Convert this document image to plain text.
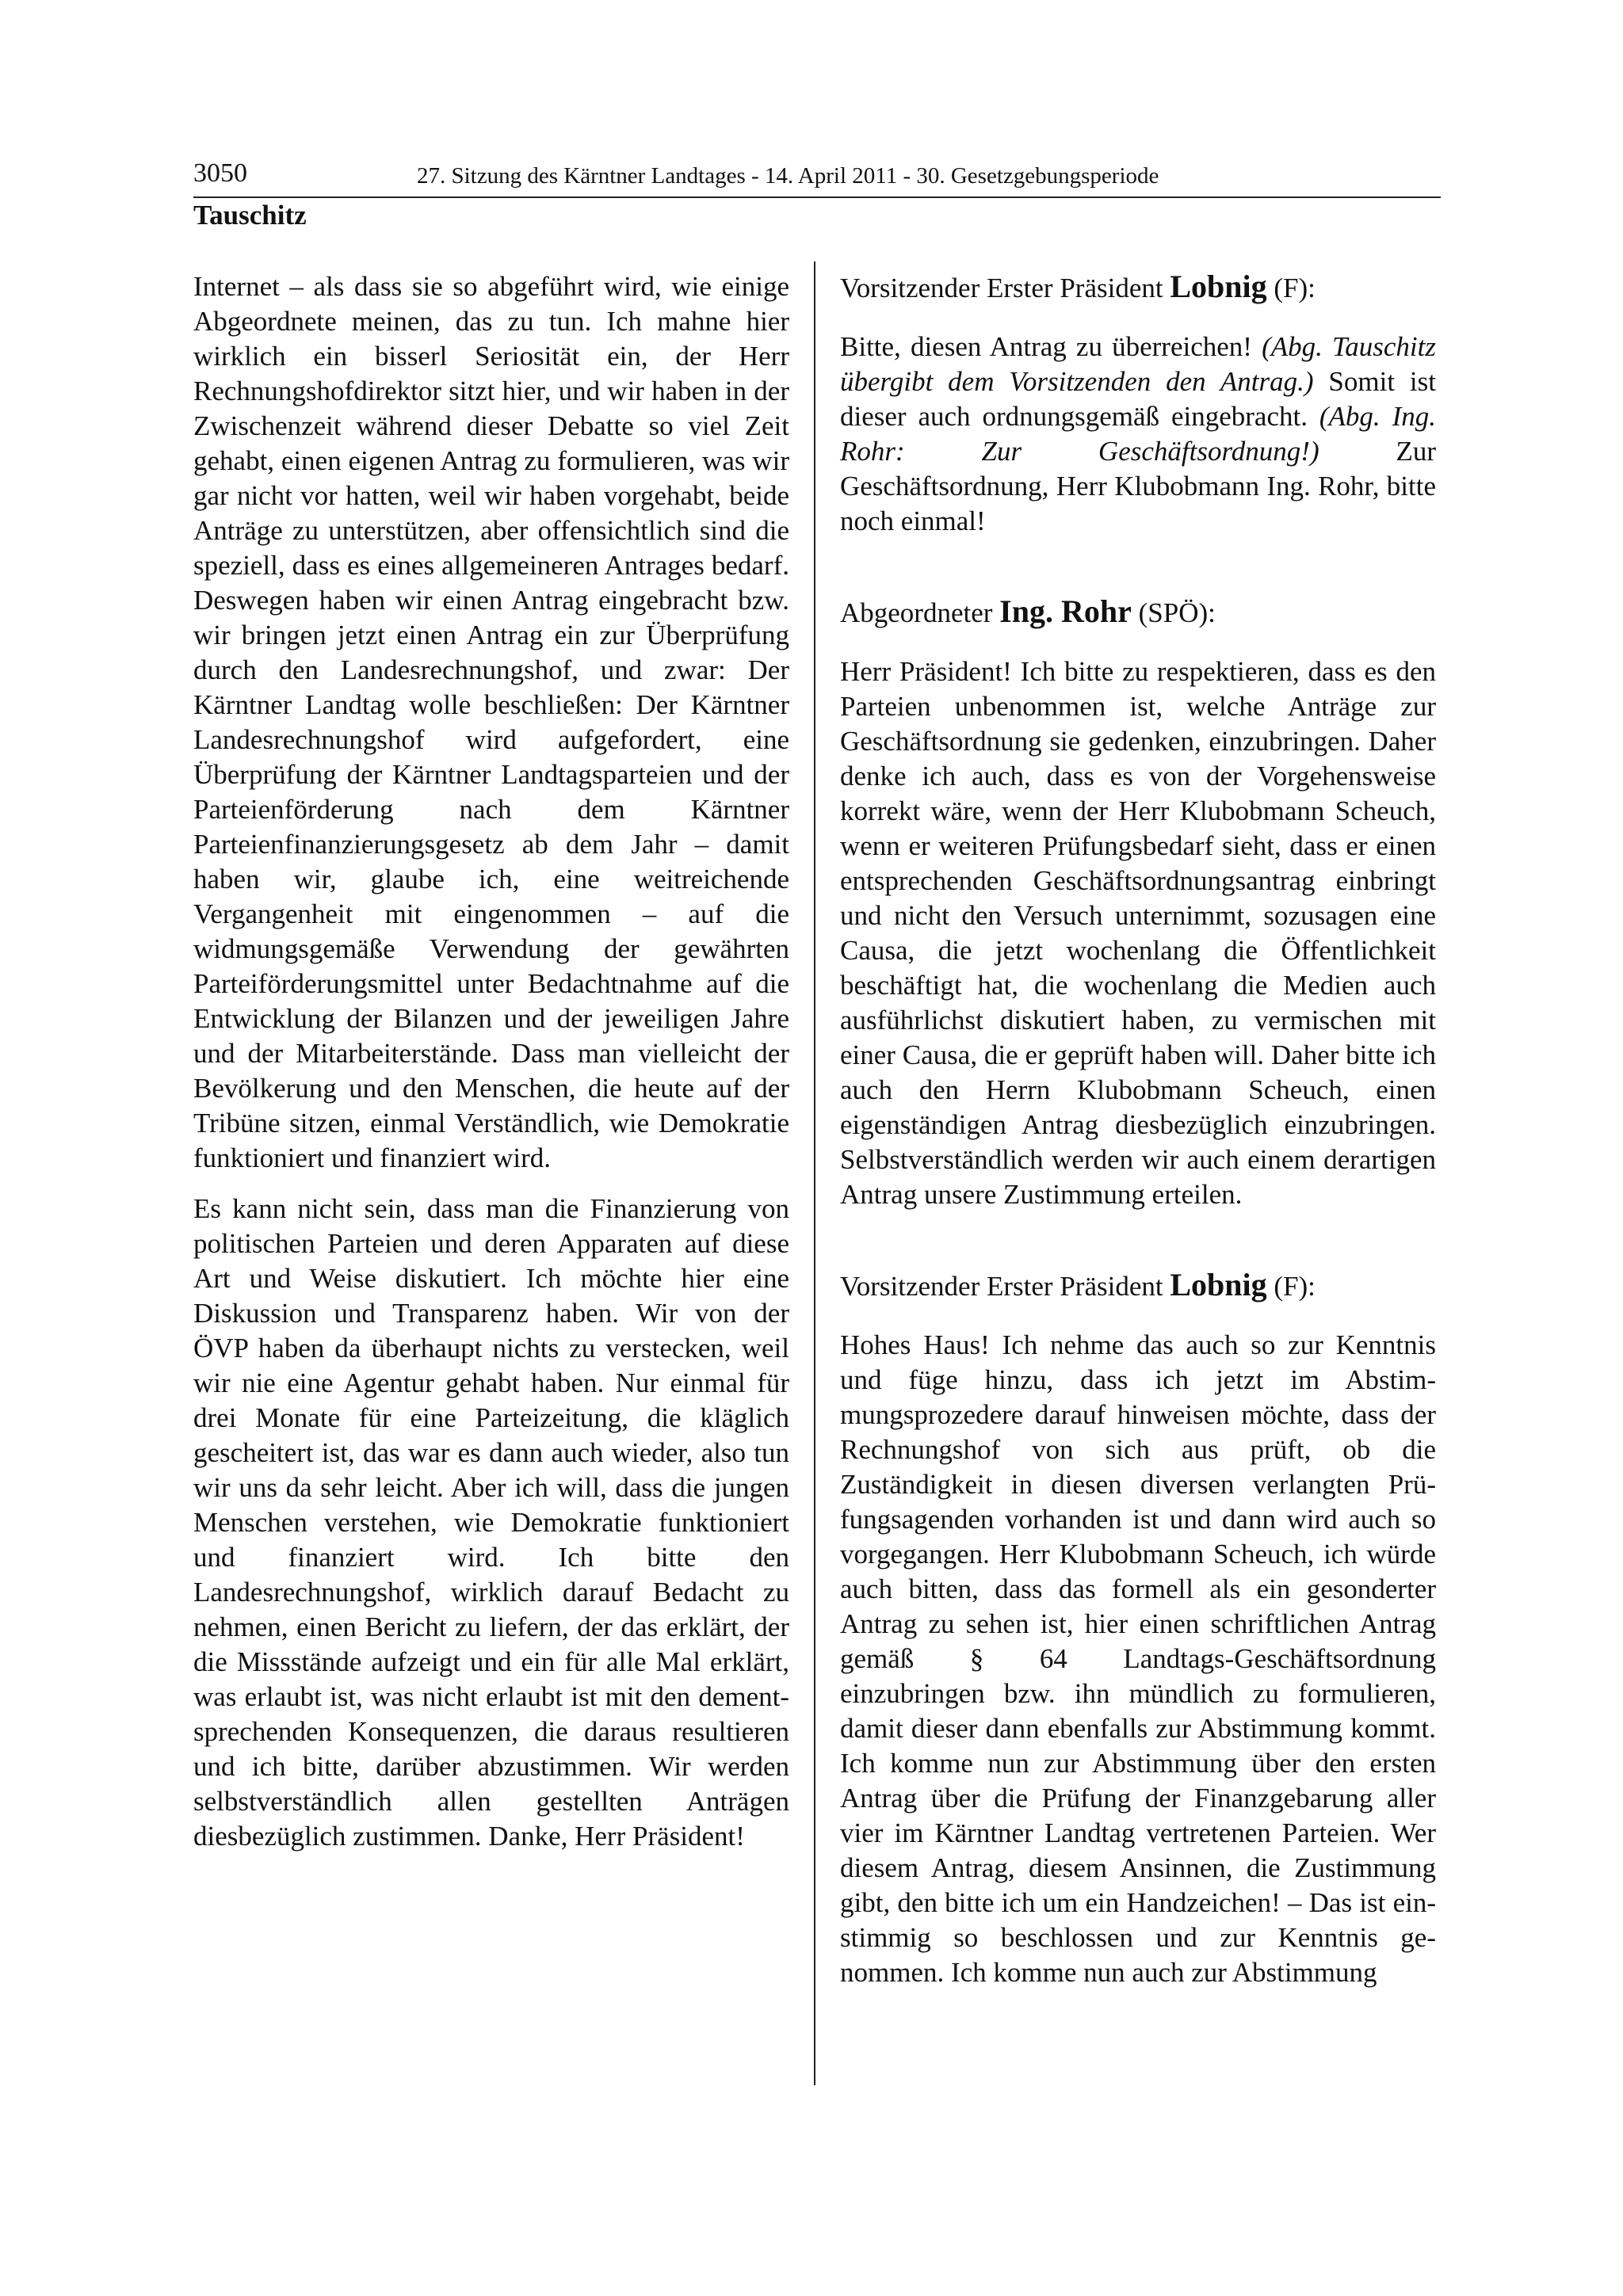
3050	27. Sitzung des Kärntner Landtages - 14. April 2011 - 30. Gesetzgebungsperiode
Tauschitz

Internet – als dass sie so abgeführt wird, wie einige Abgeordnete meinen, das zu tun. Ich mahne hier wirklich ein bisserl Seriosität ein, der Herr Rechnungshofdirektor sitzt hier, und wir haben in der Zwischenzeit während dieser Debatte so viel Zeit gehabt, einen eigenen Antrag zu formulieren, was wir gar nicht vor hatten, weil wir haben vorgehabt, beide Anträge zu unterstützen, aber offensichtlich sind die speziell, dass es eines allgemeineren Antrages bedarf. Deswegen haben wir einen Antrag eingebracht bzw. wir bringen jetzt einen Antrag ein zur Überprüfung durch den Landesrechnungshof, und zwar: Der Kärntner Landtag wolle beschließen: Der Kärntner Landesrechnungshof wird aufgefordert, eine Überprüfung der Kärntner Landtagsparteien und der Parteienförderung nach dem Kärntner Parteienfinanzierungsgesetz ab dem Jahr – damit haben wir, glaube ich, eine weitreichende Vergangenheit mit eingenommen – auf die widmungsgemäße Verwendung der gewährten Parteiförderungsmittel unter Bedachtnahme auf die Entwicklung der Bilanzen und der jeweiligen Jahre und der Mitarbeiterstände. Dass man vielleicht der Bevölkerung und den Menschen, die heute auf der Tribüne sitzen, einmal Verständlich, wie Demokratie funktioniert und finanziert wird.

Es kann nicht sein, dass man die Finanzierung von politischen Parteien und deren Apparaten auf diese Art und Weise diskutiert. Ich möchte hier eine Diskussion und Transparenz haben. Wir von der ÖVP haben da überhaupt nichts zu verstecken, weil wir nie eine Agentur gehabt haben. Nur einmal für drei Monate für eine Parteizeitung, die kläglich gescheitert ist, das war es dann auch wieder, also tun wir uns da sehr leicht. Aber ich will, dass die jungen Menschen verstehen, wie Demokratie funktioniert und finanziert wird. Ich bitte den Landesrechnungshof, wirklich darauf Bedacht zu nehmen, einen Bericht zu liefern, der das erklärt, der die Missstände aufzeigt und ein für alle Mal erklärt, was erlaubt ist, was nicht erlaubt ist mit den dementsprechenden Konsequenzen, die daraus resultieren und ich bitte, darüber abzustimmen. Wir werden selbstverständlich allen gestellten Anträgen diesbezüglich zustimmen. Danke, Herr Präsident!

Vorsitzender Erster Präsident Lobnig (F):

Bitte, diesen Antrag zu überreichen! (Abg. Tauschitz übergibt dem Vorsitzenden den Antrag.) Somit ist dieser auch ordnungsgemäß eingebracht. (Abg. Ing. Rohr: Zur Geschäftsordnung!) Zur Geschäftsordnung, Herr Klubobmann Ing. Rohr, bitte noch einmal!

Abgeordneter Ing. Rohr (SPÖ):

Herr Präsident! Ich bitte zu respektieren, dass es den Parteien unbenommen ist, welche Anträge zur Geschäftsordnung sie gedenken, einzubringen. Daher denke ich auch, dass es von der Vorgehensweise korrekt wäre, wenn der Herr Klubobmann Scheuch, wenn er weiteren Prüfungsbedarf sieht, dass er einen entsprechenden Geschäftsordnungsantrag einbringt und nicht den Versuch unternimmt, sozusagen eine Causa, die jetzt wochenlang die Öffentlichkeit beschäftigt hat, die wochenlang die Medien auch ausführlichst diskutiert haben, zu vermischen mit einer Causa, die er geprüft haben will. Daher bitte ich auch den Herrn Klubobmann Scheuch, einen eigenständigen Antrag diesbezüglich einzubringen. Selbstverständlich werden wir auch einem derartigen Antrag unsere Zustimmung erteilen.

Vorsitzender Erster Präsident Lobnig (F):

Hohes Haus! Ich nehme das auch so zur Kenntnis und füge hinzu, dass ich jetzt im Abstimmungsprozedere darauf hinweisen möchte, dass der Rechnungshof von sich aus prüft, ob die Zuständigkeit in diesen diversen verlangten Prüfungsagenden vorhanden ist und dann wird auch so vorgegangen. Herr Klubobmann Scheuch, ich würde auch bitten, dass das formell als ein gesonderter Antrag zu sehen ist, hier einen schriftlichen Antrag gemäß § 64 Landtags-Geschäftsordnung einzubringen bzw. ihn mündlich zu formulieren, damit dieser dann ebenfalls zur Abstimmung kommt. Ich komme nun zur Abstimmung über den ersten Antrag über die Prüfung der Finanzgebarung aller vier im Kärntner Landtag vertretenen Parteien. Wer diesem Antrag, diesem Ansinnen, die Zustimmung gibt, den bitte ich um ein Handzeichen! – Das ist einstimmig so beschlossen und zur Kenntnis genommen. Ich komme nun auch zur Abstimmung
